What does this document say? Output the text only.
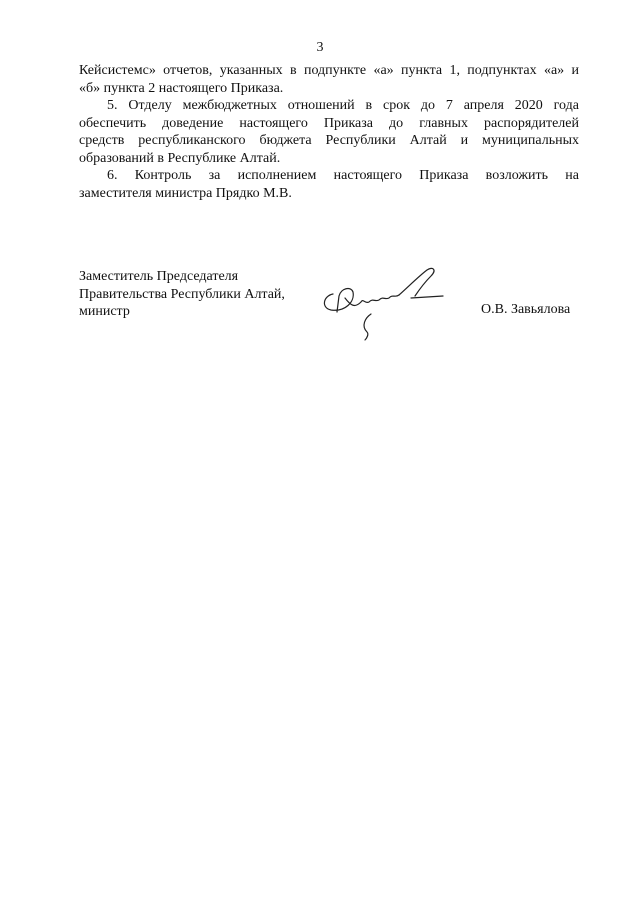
3

Кейсистемс» отчетов, указанных в подпункте «а» пункта 1, подпунктах «а» и

«б» пункта 2 настоящего Приказа.

5. Отделу межбюджетных отношений в срок до 7 апреля 2020 года

обеспечить доведение настоящего Приказа до главных распорядителей

средств республиканского бюджета Республики Алтай и муниципальных

образований в Республике Алтай.

6. Контроль за исполнением настоящего Приказа возложить на

заместителя министра Прядко М.В.

Заместитель Председателя
Правительства Республики Алтай,
министр	О.В. Завьялова
